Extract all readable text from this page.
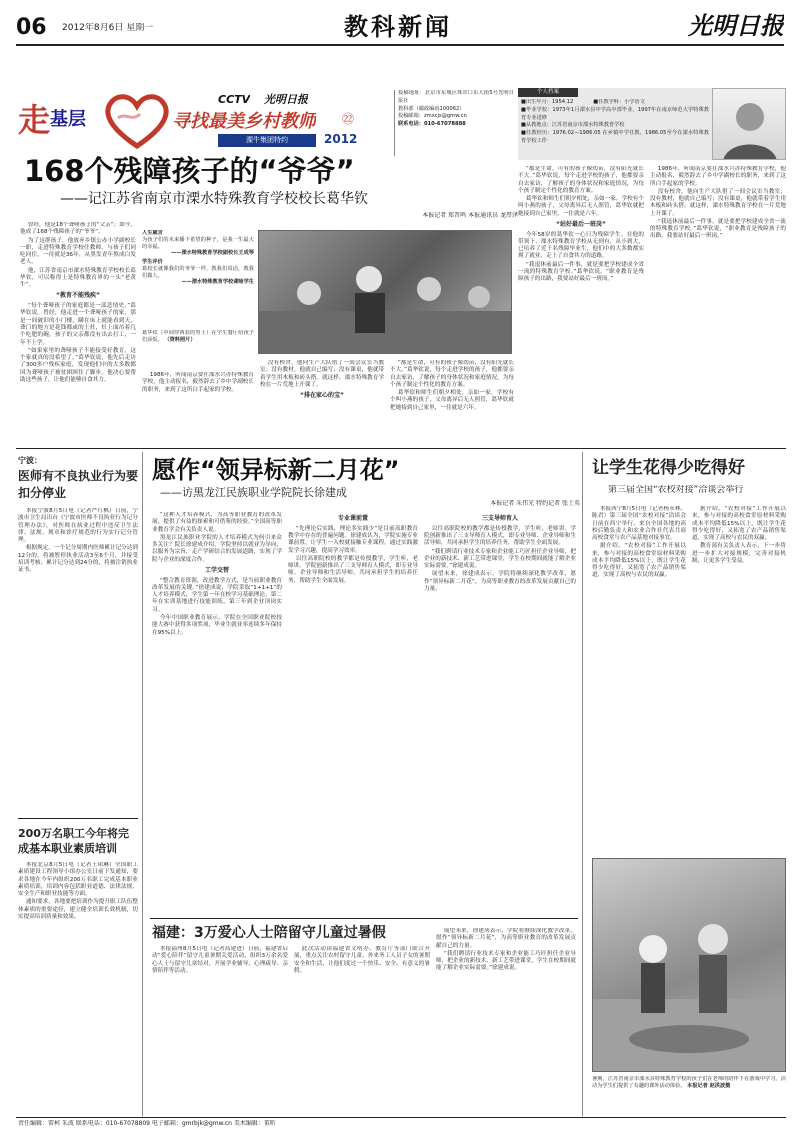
06 2012年8月6日 星期一	教科新闻	光明日报
走 基层
CCTV 光明日报
寻找最美乡村教师 ㉒
溧牛集团特约	2012
投稿地址：北京市东城区珠市口东大街5号光明日报社
教科部（邮政编码100062）
投稿邮箱：zmxcjs@gmw.cn
联系电话：010-67078888
个人档案
■出生年月：1954.12	■任教学科：小学语文
■毕业学校：1973年1月溧水县中学高中部毕业，1997年在南京师范大学特殊教育专业进修
■从教地点：江苏省南京市溧水特殊教育学校
■任教经历：1976.02—1986.05 在乡镇中学任教，1986.05至今在溧水特殊教育学校工作
168个残障孩子的“爷爷”
——记江苏省南京市溧水特殊教育学校校长葛华钦
本报记者 郑晋鸣 本报通讯员 龙厚泽

“都是生命，可有的孩子像幼苗，没有阳光就长不大。”葛华钦说，每个走进学校的孩子，他都要亲自去家访，了解孩子的身体状况和家庭情况，为每个孩子制定个性化的教育方案。

葛华钦和师生们朝夕相处，亲如一家。学校有个叫小燕的孩子，父母离异后无人照管，葛华钦就把她接到自己家里，一住就是六年。

“站好最后一班岗”

今年58岁的葛华钦一心只为残障学生。在他的带领下，溧水特殊教育学校从无到有，从小到大，已培养了近千名残障毕业生，他们中的大多数都实现了就业，走上了自食其力的道路。

“我退休前最后一件事，就是要把学校建成全省一流的特殊教育学校。”葛华钦说，“职业教育是残障孩子的出路，我要站好最后一班岗。”

1986年，听闻南京要在溧水兴办特殊教育学校，他主动报名，毅然辞去了乡中学副校长的职务，来到了这所白手起家的学校。

没有校舍，他向生产大队借了一间会议室当教室；没有教材，他就自己编写；没有课桌，他就带着学生用木板和砖头搭。就这样，溧水特殊教育学校在一片荒地上开课了。

“我退休前最后一件事，就是要把学校建成全省一流的特殊教育学校。”葛华钦说，“职业教育是残障孩子的出路，我要站好最后一班岗。”

曾经，他是18个聋哑孩子的“父亲”；如今，他成了168个残障孩子的“爷爷”。

为了这群孩子，他放弃乡镇公办小学副校长一职，走进特殊教育学校任教师，与孩子们同吃同住，一待就是36年，从黑发青年熬成白发老人。

他，江苏省南京市溧水特殊教育学校校长葛华钦，可以称得上是特殊教育界的一头“老黄牛”。

“教育不能残疾”

“每个聋哑孩子的家庭都是一部悲情史。”葛华钦说。曾经，他走进一个聋哑孩子的家，那是一间破旧的小门楼，瞒在床上就能看到天，聋门的地方是花钱都或的土灶，灶上面吊着几个吃肥的碗，孩子的父亲都没有出去打工，一年不上学。

“如果家里的聋哑孩子不能接受好教育，这个家就真的没希望了。”葛华钦说，他先后走访了300多户残疾家庭，发现他们中的大多数都因为聋哑孩子被贫困困住了脚步。他决心要帮助这些孩子，让他们能够自食其力。

人生箴言
为孩子们的未来播下希望的种子，是我一生最大的幸福。
——溧水特殊教育学校副校长王成琴
学生评价
葛校长就像我们的爷爷一样，教我们说话，教我们做人。
——溧水特殊教育学校聋哑学生
葛华钦（中间穿西装的男士）在学生餐厅给孩子们添饭。 （资料照片）

1986年，听闻南京要在溧水兴办特殊教育学校，他主动报名，毅然辞去了乡中学副校长的职务，来到了这所白手起家的学校。

没有校舍，他向生产大队借了一间会议室当教室；没有教材，他就自己编写；没有课桌，他就带着学生用木板和砖头搭。就这样，溧水特殊教育学校在一片荒地上开课了。

“排在家心的宝”

“都是生命，可有的孩子像幼苗，没有阳光就长不大。”葛华钦说，每个走进学校的孩子，他都要亲自去家访，了解孩子的身体状况和家庭情况，为每个孩子制定个性化的教育方案。

葛华钦和师生们朝夕相处，亲如一家。学校有个叫小燕的孩子，父母离异后无人照管，葛华钦就把她接到自己家里，一住就是六年。

宁波：
医师有不良执业行为要扣分停业

本报宁波8月5日电（记者严红枫）日前，宁波市卫生局出台《宁波市医师不良执业行为记分管理办法》，对医师在执业过程中违反卫生法律、法规、规章和诊疗规范的行为实行记分管理。

根据规定，一个记分周期内医师累计记分达到12分的，将被暂停执业活动3至6个月，并接受培训考核；累计记分达到24分的，将被注销执业证书。

200万名职工今年将完成基本职业素质培训

本报北京8月5日电（记者王珺琳）全国职工素质建设工程领导小组办公室日前下发通知，要求各地在今年内组织200万名职工完成基本职业素质培训，培训内容包括职业道德、法律法规、安全生产和职业技能等方面。

通知要求，各地要把培训作为提升职工队伍整体素质的重要途径，建立健全培训长效机制，切实提高培训质量和效果。

愿作“领异标新二月花”
——访黑龙江民族职业学院院长徐建成
本报记者 朱伟光 特约记者 张士英

“这种人才培养模式，为高等职业教育的改革发展，提供了有益的探索和可借鉴的经验。”全国高等职业教育学会有关负责人说。

黑龙江民族职业学院的人才培养模式为何引来众多关注？院长徐建成介绍，学院坚持以就业为导向，以服务为宗旨，走产学研结合的发展道路，实现了学院与企业的深度合作。

工学交替

“整合教育资源，改进教学方式，是当前职业教育改革发展的关键。”徐建成说，学院采取“1+1+1”的人才培养模式，学生第一年在校学习基础理论，第二年在实训基地进行技能训练，第三年到企业顶岗实习。

今年中国职业教育展示，学院在全国职业院校技能大赛中获得多项奖项，毕业生就业率连续多年保持在95%以上。

专业课前置

“先理论后实践，理论多实践少”是目前高职教育教学中存在的普遍问题。徐建成认为，学院实施专业课前置，让学生一入校就接触专业课程，通过实践激发学习兴趣，提高学习效率。

以往高职院校的教学都是传授教学，学生听，老师讲。学院创新推出了三支导师育人模式，即专业导师、企业导师和生活导师，共同承担学生的培养任务，帮助学生全面发展。

三支导师育人

以往高职院校的教学都是传授教学，学生听，老师讲。学院创新推出了三支导师育人模式，即专业导师、企业导师和生活导师，共同承担学生的培养任务，帮助学生全面发展。

“我们聘请行业技术专家和企业能工巧匠担任企业导师，把企业的新技术、新工艺带进课堂，学生在校期间就能了解企业实际需要。”徐建成说。

展望未来，徐建成表示，学院将继续深化教学改革，愿作“领异标新二月花”，为高等职业教育的改革发展贡献自己的力量。

福建：3万爱心人士陪留守儿童过暑假

本报福州8月5日电（记者高建进）日前，福建省启动“爱心陪伴”留守儿童暑期关爱活动，组织3万余名爱心人士与留守儿童结对，开展学业辅导、心理疏导、亲情陪伴等活动。

此次活动由福建省文明办、教育厅等部门联合开展，重点关注农村留守儿童、外来务工人员子女的暑期安全和生活，让他们度过一个快乐、安全、有意义的暑假。

展望未来，徐建成表示，学院将继续深化教学改革，愿作“领异标新二月花”，为高等职业教育的改革发展贡献自己的力量。

“我们聘请行业技术专家和企业能工巧匠担任企业导师，把企业的新技术、新工艺带进课堂，学生在校期间就能了解企业实际需要。”徐建成说。

让学生花得少吃得好
第三届全国“农校对接”洽谈会举行

本报西宁8月5日电（记者杨永林、陈君）第三届全国“农校对接”洽谈会日前在西宁举行。来自全国各地的高校后勤负责人和农业合作社代表共商高校食堂与农产品基地对接事宜。

据介绍，“农校对接”工作开展以来，参与对接的高校食堂原材料采购成本平均降低15%以上，既让学生花得少吃得好，又拓宽了农产品销售渠道，实现了高校与农民的双赢。

据介绍，“农校对接”工作开展以来，参与对接的高校食堂原材料采购成本平均降低15%以上，既让学生花得少吃得好，又拓宽了农产品销售渠道，实现了高校与农民的双赢。

教育部有关负责人表示，下一步将进一步扩大对接规模，完善对接机制，让更多学生受益。

暑期，江苏省南京市溧水县特殊教育学校的孩子们在老师的陪伴下在游戏中学习。活动为学生们提供了有趣的课外活动体验。 本报记者 赵洪波摄
责任编辑：雷柯 朱波 联系电话：010-67078809 电子邮箱：gmrbjk@gmw.cn 美术编辑：董昕
